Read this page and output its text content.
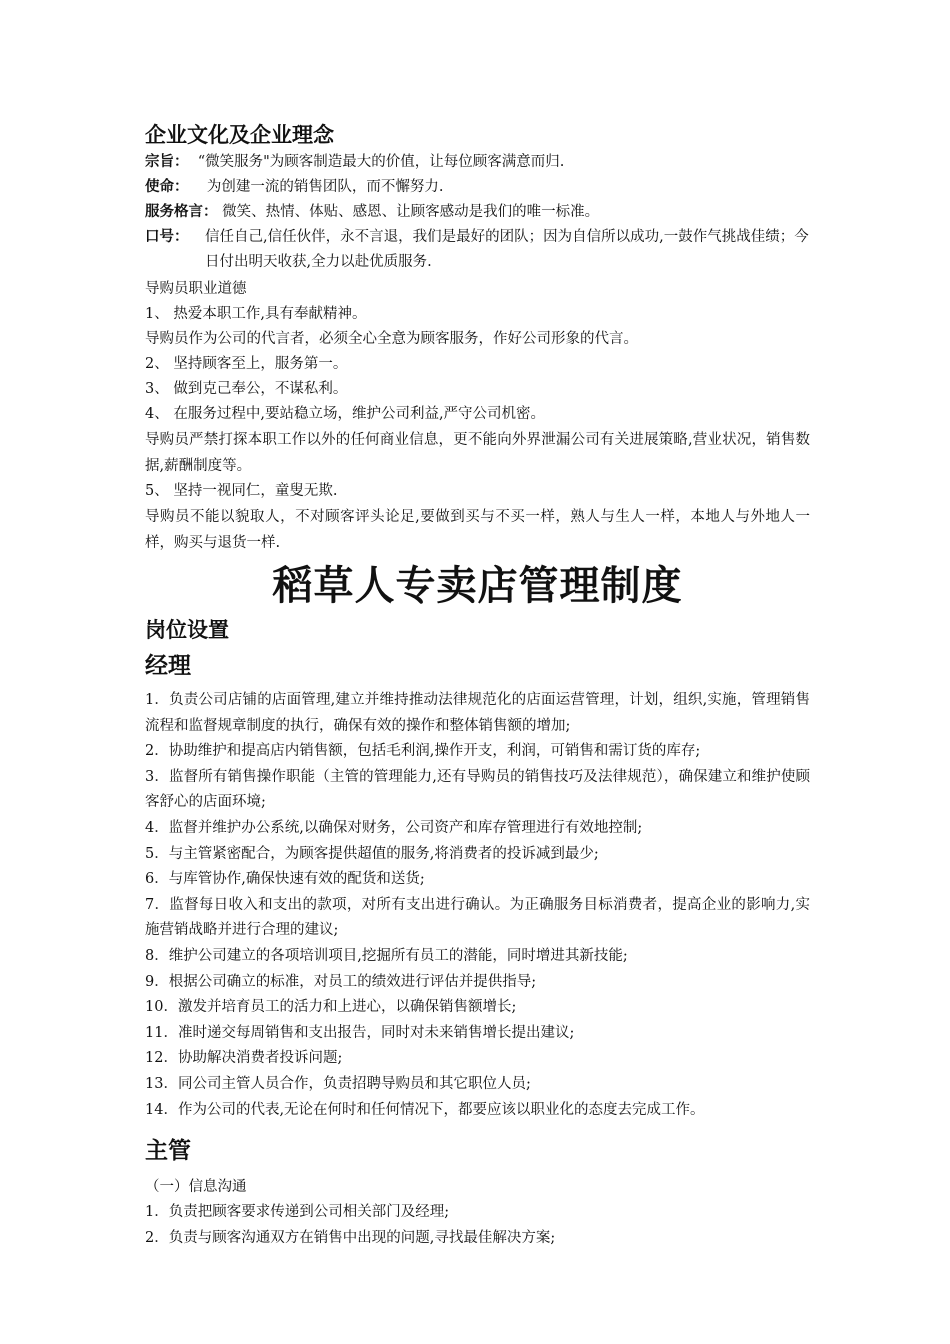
企业文化及企业理念
宗旨：  “微笑服务"为顾客制造最大的价值，让每位顾客满意而归.
使命：    为创建一流的销售团队，而不懈努力.
服务格言： 微笑、热情、体贴、感恩、让顾客感动是我们的唯一标准。
口号：	信任自己,信任伙伴，永不言退，我们是最好的团队；因为自信所以成功,一鼓作气挑战佳绩；今日付出明天收获,全力以赴优质服务.

导购员职业道德

1、 热爱本职工作,具有奉献精神。

导购员作为公司的代言者，必须全心全意为顾客服务，作好公司形象的代言。

2、 坚持顾客至上，服务第一。

3、 做到克己奉公，不谋私利。

4、 在服务过程中,要站稳立场，维护公司利益,严守公司机密。

导购员严禁打探本职工作以外的任何商业信息，更不能向外界泄漏公司有关进展策略,营业状况，销售数据,薪酬制度等。

5、 坚持一视同仁，童叟无欺.

导购员不能以貌取人，不对顾客评头论足,要做到买与不买一样，熟人与生人一样，本地人与外地人一样，购买与退货一样.

稻草人专卖店管理制度
岗位设置
经理
1．负责公司店铺的店面管理,建立并维持推动法律规范化的店面运营管理，计划，组织,实施，管理销售流程和监督规章制度的执行，确保有效的操作和整体销售额的增加;
2．协助维护和提高店内销售额，包括毛利润,操作开支，利润，可销售和需订货的库存;
3．监督所有销售操作职能（主管的管理能力,还有导购员的销售技巧及法律规范），确保建立和维护使顾客舒心的店面环境;
4．监督并维护办公系统,以确保对财务，公司资产和库存管理进行有效地控制;
5．与主管紧密配合，为顾客提供超值的服务,将消费者的投诉减到最少;
6．与库管协作,确保快速有效的配货和送货;
7．监督每日收入和支出的款项，对所有支出进行确认。为正确服务目标消费者，提高企业的影响力,实施营销战略并进行合理的建议;
8．维护公司建立的各项培训项目,挖掘所有员工的潜能，同时增进其新技能;
9．根据公司确立的标准，对员工的绩效进行评估并提供指导;
10．激发并培育员工的活力和上进心，以确保销售额增长;
11．准时递交每周销售和支出报告，同时对未来销售增长提出建议;
12．协助解决消费者投诉问题;
13．同公司主管人员合作，负责招聘导购员和其它职位人员;
14．作为公司的代表,无论在何时和任何情况下，都要应该以职业化的态度去完成工作。
主管

（一）信息沟通

1．负责把顾客要求传递到公司相关部门及经理;
2．负责与顾客沟通双方在销售中出现的问题,寻找最佳解决方案;
